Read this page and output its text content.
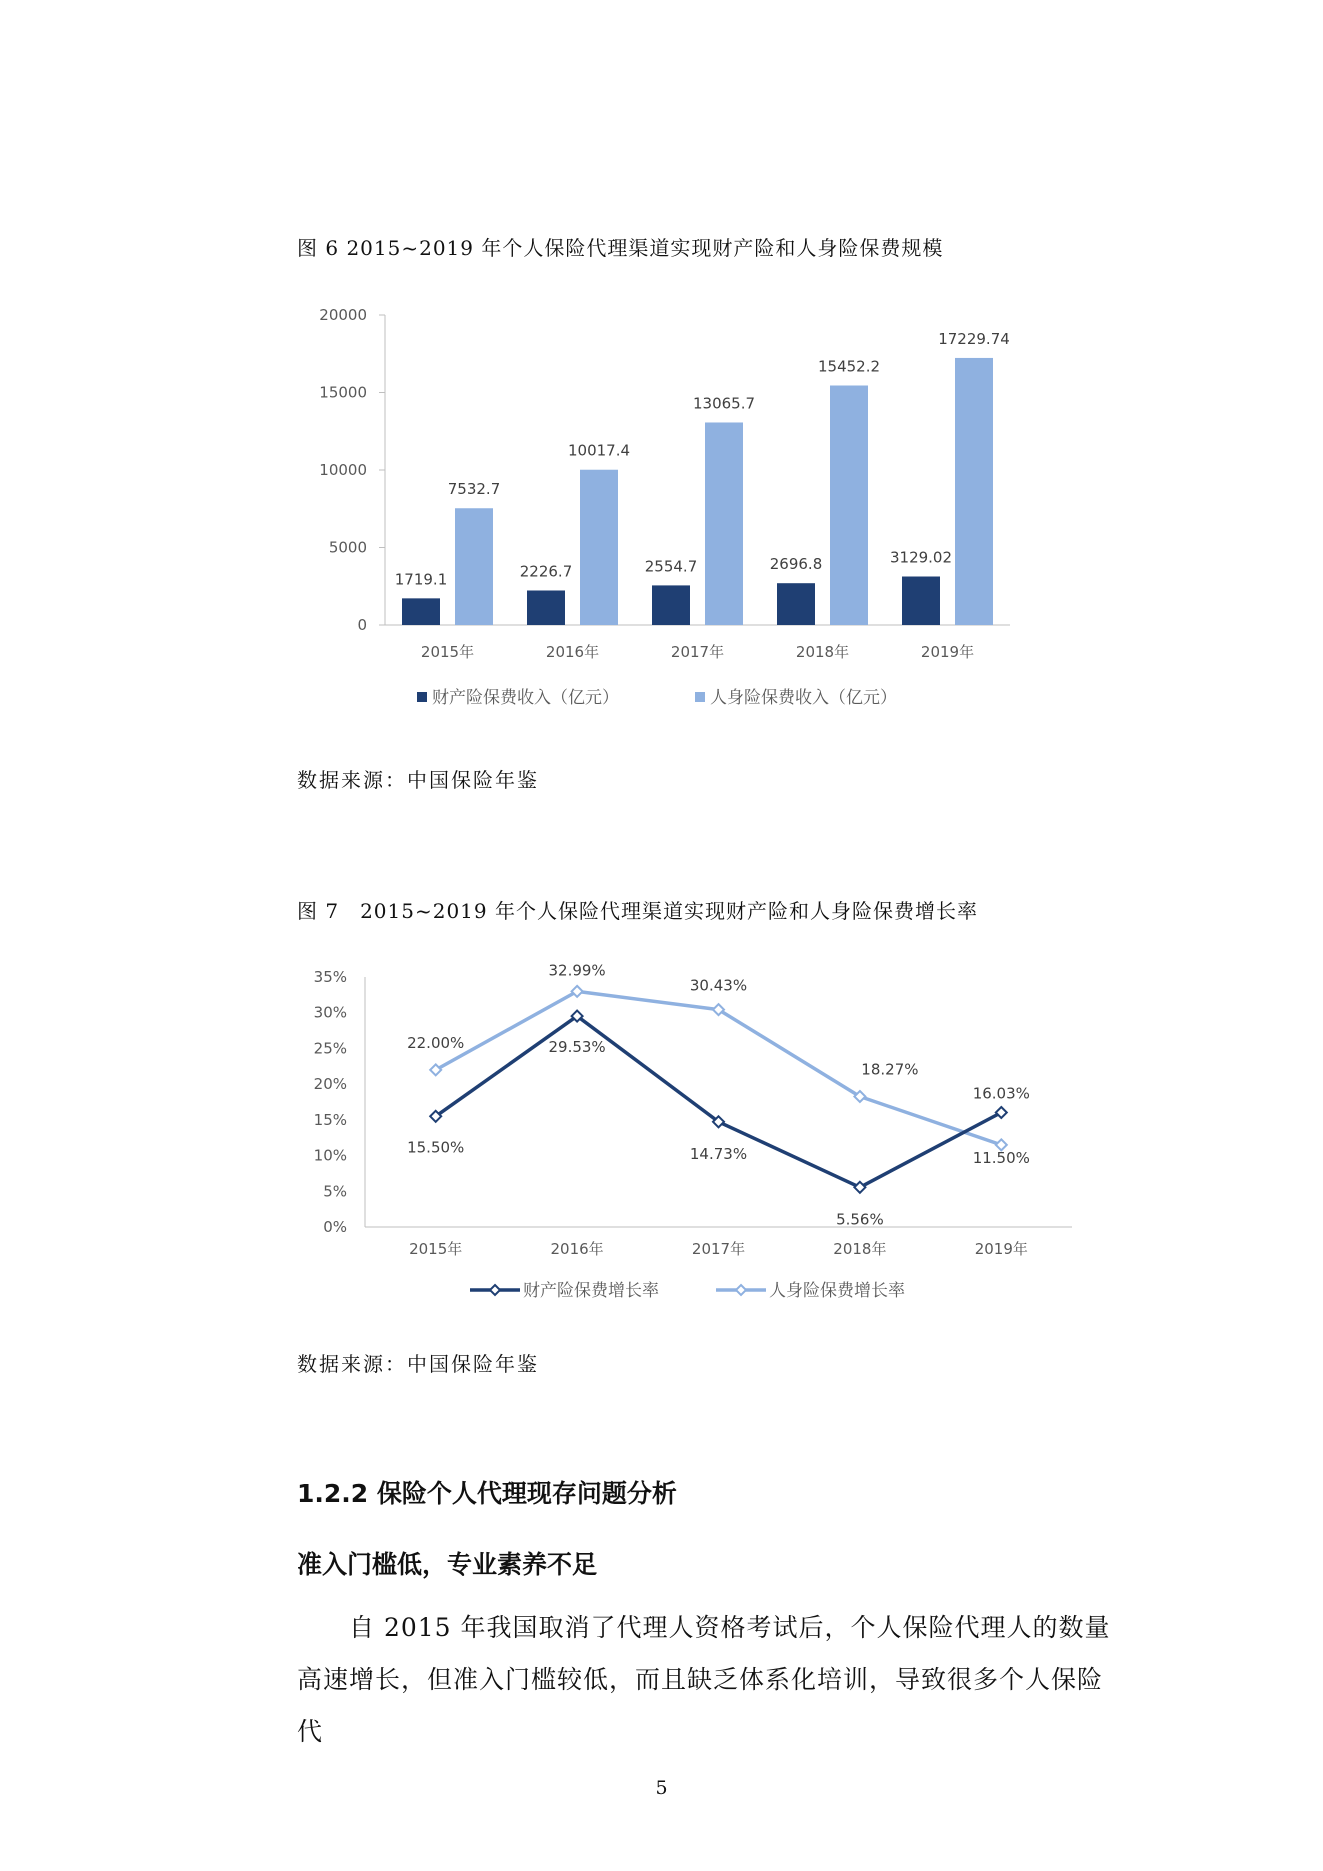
图 6 2015~2019 年个人保险代理渠道实现财产险和人身险保费规模
0
5000
10000
15000
20000
2015年
1719.1
7532.7
2016年
2226.7
10017.4
2017年
2554.7
13065.7
2018年
2696.8
15452.2
2019年
3129.02
17229.74
财产险保费收入（亿元）	人身险保费收入（亿元）
数据来源：中国保险年鉴
图 7　2015~2019 年个人保险代理渠道实现财产险和人身险保费增长率
0%
5%
10%
15%
20%
25%
30%
35%
2015年	2016年	2017年	2018年	2019年
15.50%
29.53%
14.73%
5.56%
16.03%
22.00%
32.99%
30.43%
18.27%
11.50%
财产险保费增长率	人身险保费增长率
数据来源：中国保险年鉴
1.2.2 保险个人代理现存问题分析
准入门槛低，专业素养不足

自 2015 年我国取消了代理人资格考试后，个人保险代理人的数量高速增长，但准入门槛较低，而且缺乏体系化培训，导致很多个人保险代

5
